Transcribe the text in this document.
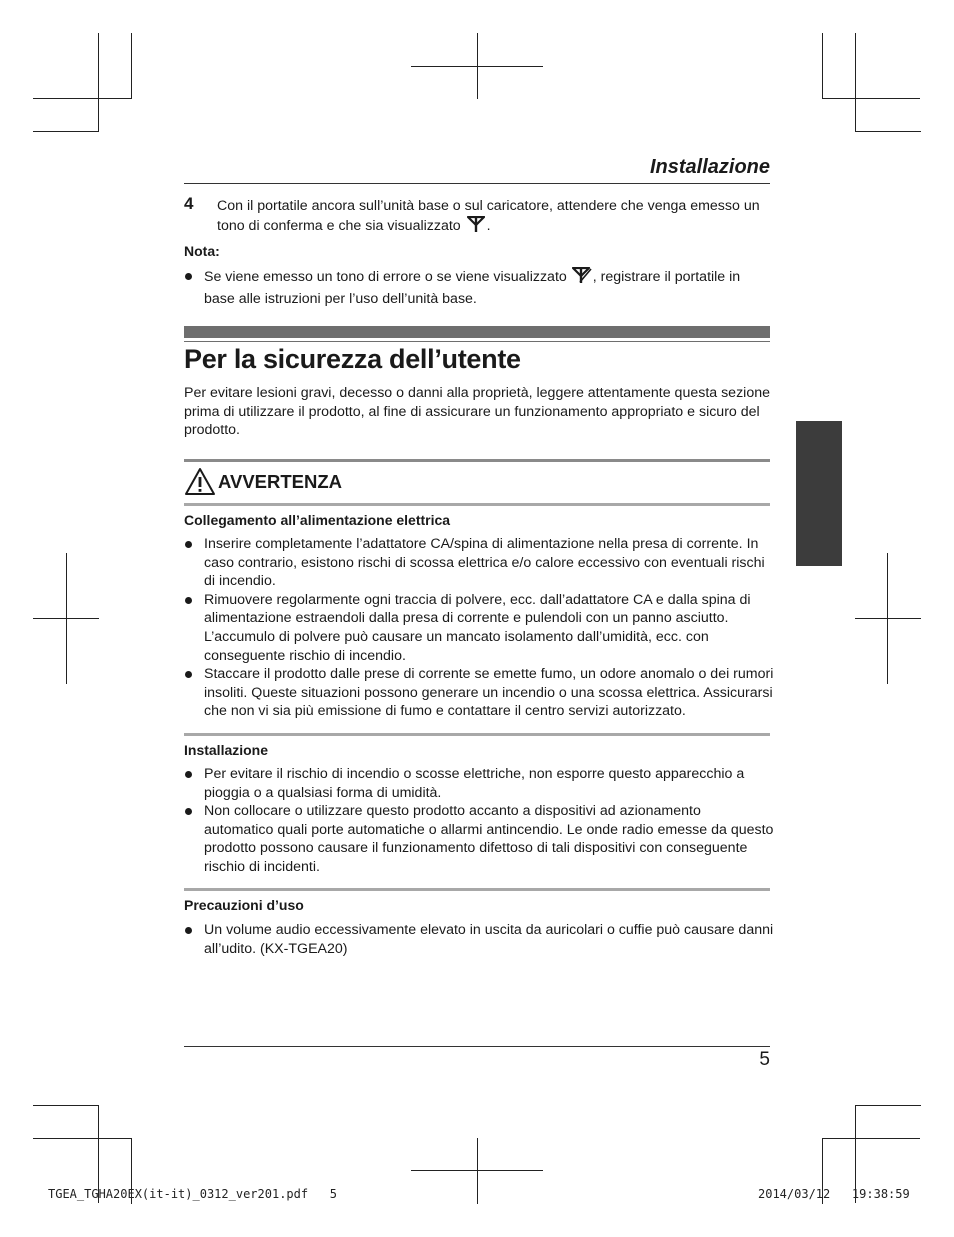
Installazione
4 Con il portatile ancora sull’unità base o sul caricatore, attendere che venga emesso un tono di conferma e che sia visualizzato .
Nota:
Se viene emesso un tono di errore o se viene visualizzato , registrare il portatile in base alle istruzioni per l’uso dell’unità base.
Per la sicurezza dell’utente
Per evitare lesioni gravi, decesso o danni alla proprietà, leggere attentamente questa sezione prima di utilizzare il prodotto, al fine di assicurare un funzionamento appropriato e sicuro del prodotto.
AVVERTENZA
Collegamento all’alimentazione elettrica
Inserire completamente l’adattatore CA/spina di alimentazione nella presa di corrente. In caso contrario, esistono rischi di scossa elettrica e/o calore eccessivo con eventuali rischi di incendio.
Rimuovere regolarmente ogni traccia di polvere, ecc. dall’adattatore CA e dalla spina di alimentazione estraendoli dalla presa di corrente e pulendoli con un panno asciutto. L’accumulo di polvere può causare un mancato isolamento dall’umidità, ecc. con conseguente rischio di incendio.
Staccare il prodotto dalle prese di corrente se emette fumo, un odore anomalo o dei rumori insoliti. Queste situazioni possono generare un incendio o una scossa elettrica. Assicurarsi che non vi sia più emissione di fumo e contattare il centro servizi autorizzato.
Installazione
Per evitare il rischio di incendio o scosse elettriche, non esporre questo apparecchio a pioggia o a qualsiasi forma di umidità.
Non collocare o utilizzare questo prodotto accanto a dispositivi ad azionamento automatico quali porte automatiche o allarmi antincendio. Le onde radio emesse da questo prodotto possono causare il funzionamento difettoso di tali dispositivi con conseguente rischio di incidenti.
Precauzioni d’uso
Un volume audio eccessivamente elevato in uscita da auricolari o cuffie può causare danni all’udito. (KX-TGEA20)
5
TGEA_TGHA20EX(it-it)_0312_ver201.pdf   5	2014/03/12   19:38:59
